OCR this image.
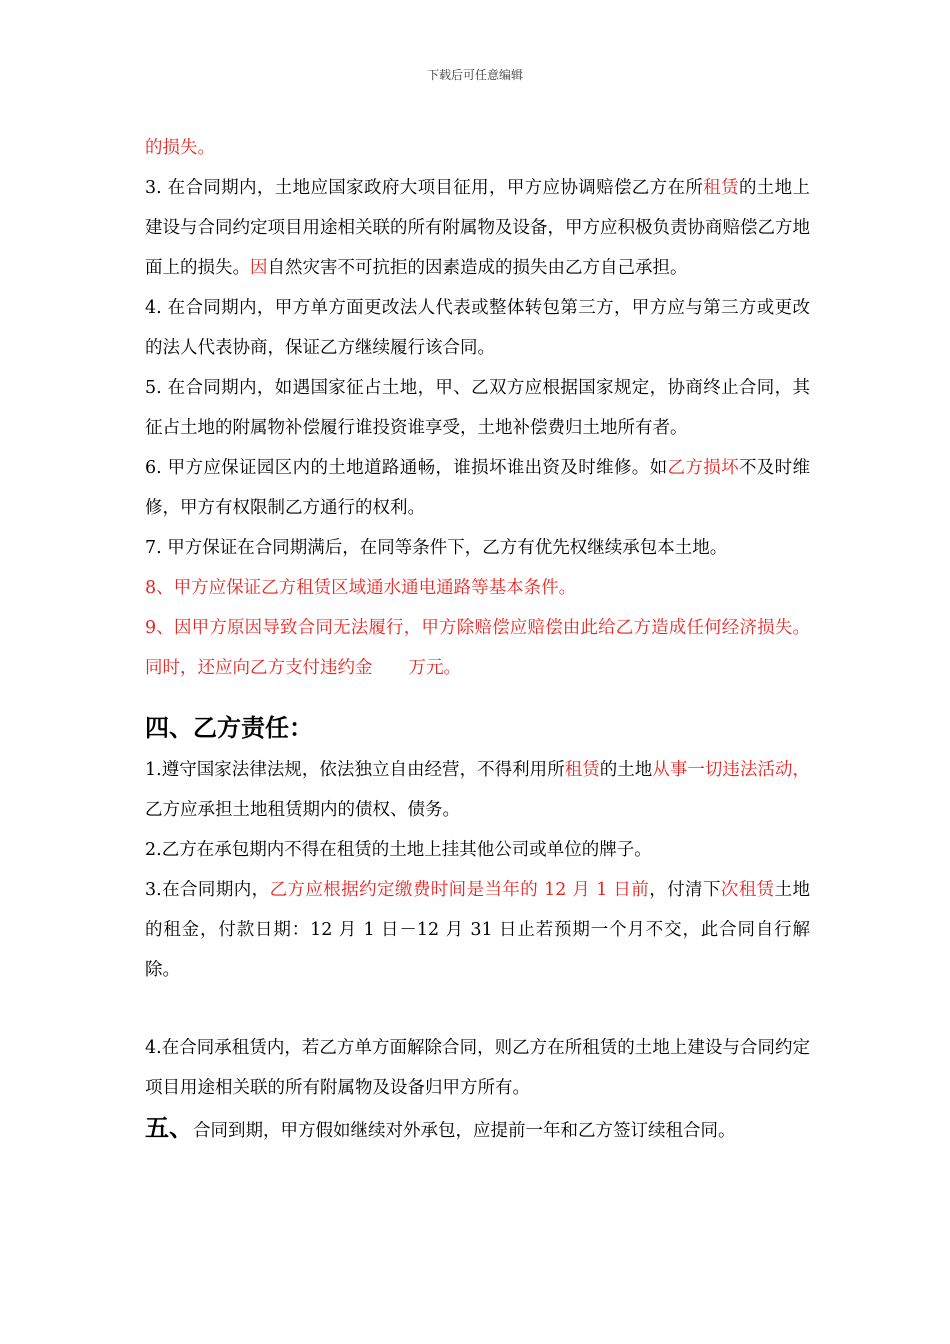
下载后可任意编辑

的损失。

3. 在合同期内，土地应国家政府大项目征用，甲方应协调赔偿乙方在所租赁的土地上建设与合同约定项目用途相关联的所有附属物及设备，甲方应积极负责协商赔偿乙方地面上的损失。因自然灾害不可抗拒的因素造成的损失由乙方自己承担。

4. 在合同期内，甲方单方面更改法人代表或整体转包第三方，甲方应与第三方或更改的法人代表协商，保证乙方继续履行该合同。

5. 在合同期内，如遇国家征占土地，甲、乙双方应根据国家规定，协商终止合同，其征占土地的附属物补偿履行谁投资谁享受，土地补偿费归土地所有者。

6. 甲方应保证园区内的土地道路通畅，谁损坏谁出资及时维修。如乙方损坏不及时维修，甲方有权限制乙方通行的权利。

7. 甲方保证在合同期满后，在同等条件下，乙方有优先权继续承包本土地。

8、甲方应保证乙方租赁区域通水通电通路等基本条件。

9、因甲方原因导致合同无法履行，甲方除赔偿应赔偿由此给乙方造成任何经济损失。同时，还应向乙方支付违约金 万元。

四、乙方责任：

1.遵守国家法律法规，依法独立自由经营，不得利用所租赁的土地从事一切违法活动，乙方应承担土地租赁期内的债权、债务。

2.乙方在承包期内不得在租赁的土地上挂其他公司或单位的牌子。

3.在合同期内，乙方应根据约定缴费时间是当年的 12 月 1 日前，付清下次租赁土地的租金，付款日期：12 月 1 日－12 月 31 日止若预期一个月不交，此合同自行解除。

4.在合同承租赁内，若乙方单方面解除合同，则乙方在所租赁的土地上建设与合同约定项目用途相关联的所有附属物及设备归甲方所有。

五、合同到期，甲方假如继续对外承包，应提前一年和乙方签订续租合同。
